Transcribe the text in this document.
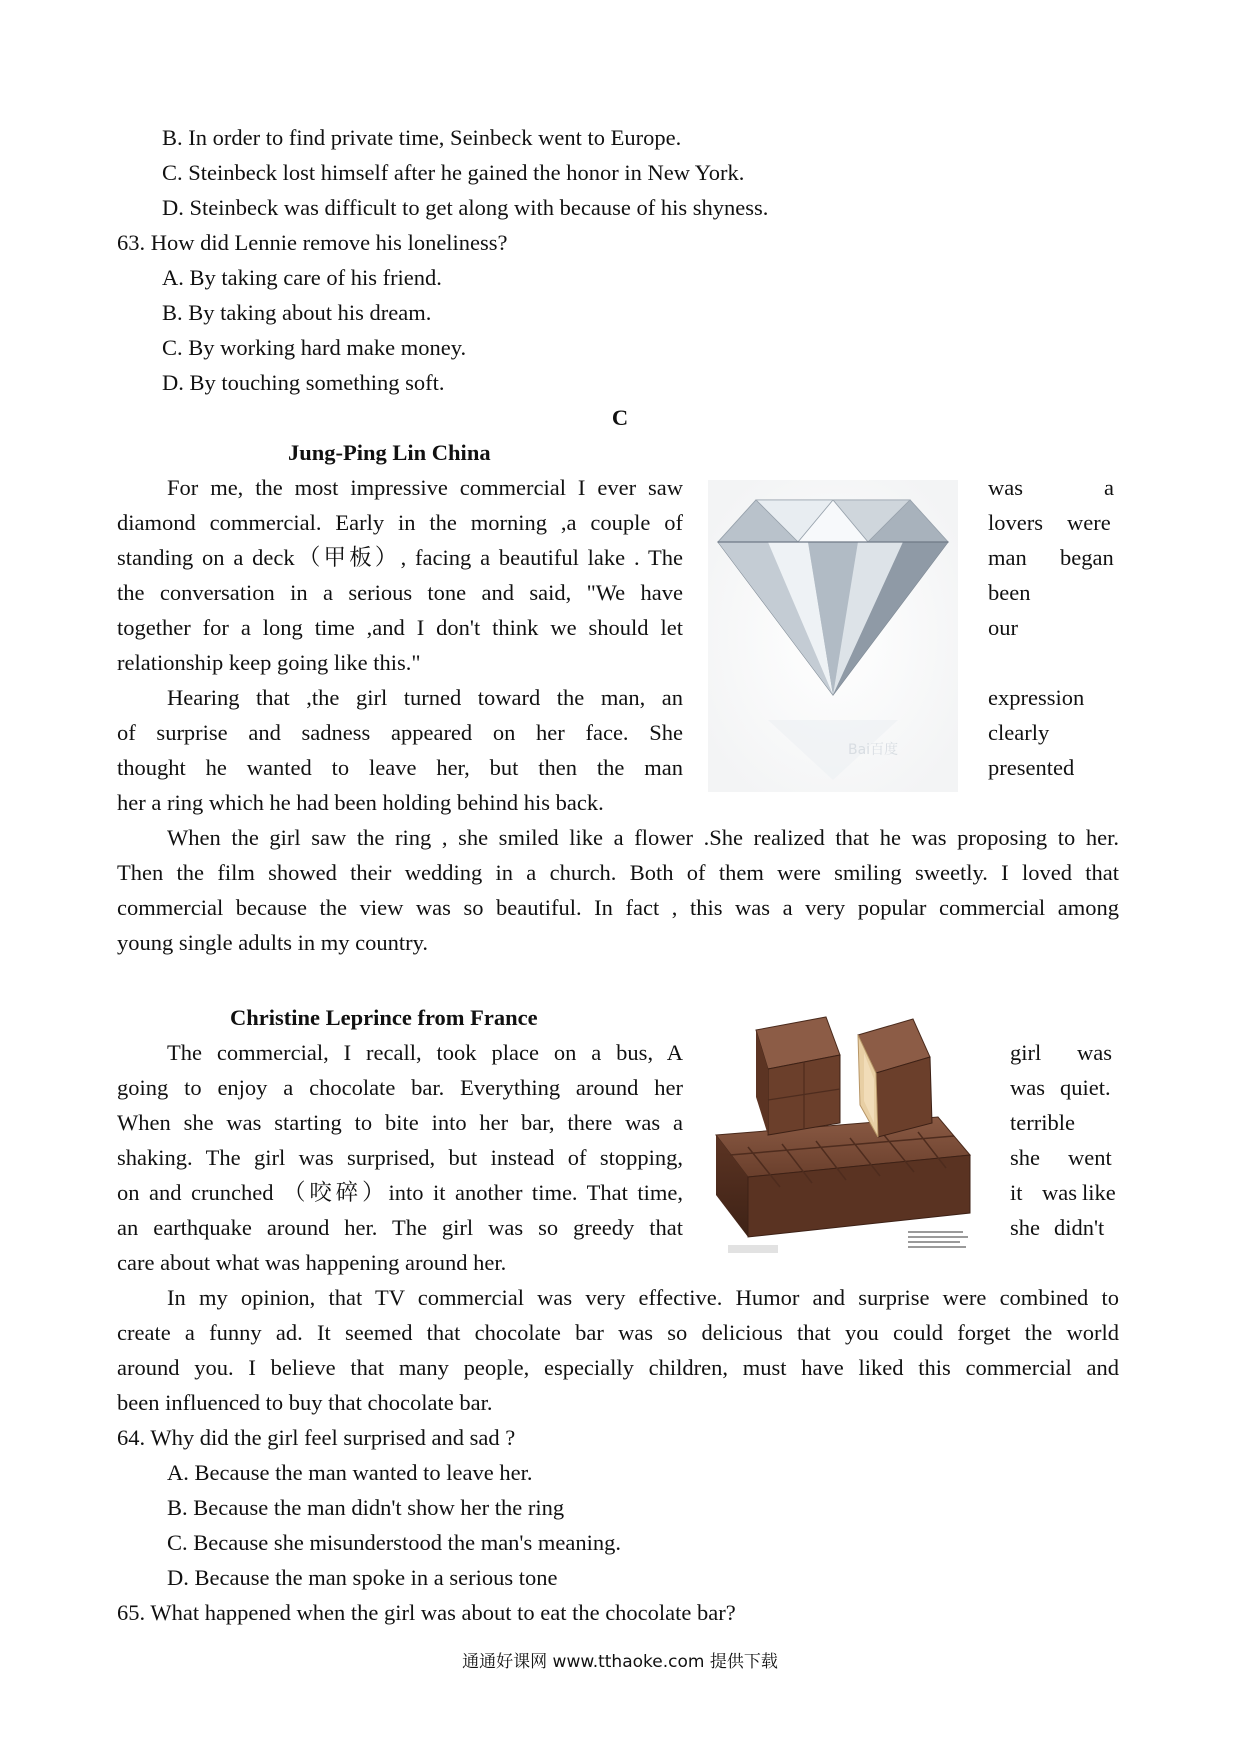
B. In order to find private time, Seinbeck went to Europe.
C. Steinbeck lost himself after he gained the honor in New York.
D. Steinbeck was difficult to get along with because of his shyness.
63. How did Lennie remove his loneliness?
A. By taking care of his friend.
B. By taking about his dream.
C. By working hard make money.
D. By touching something soft.
C
Jung-Ping Lin China
For me, the most impressive commercial I ever saw
diamond commercial. Early in the morning ,a couple of
standing on a deck（甲板）, facing a beautiful lake . The
the conversation in a serious tone and said, "We have
together for a long time ,and I don't think we should let
relationship keep going like this."
Hearing that ,the girl turned toward the man, an
of surprise and sadness appeared on her face. She
thought he wanted to leave her, but then the man
her a ring which he had been holding behind his back.
was	a
lovers were
man began
been
our
expression
clearly
presented
Bai百度
When the girl saw the ring , she smiled like a flower .She realized that he was proposing to her.
Then the film showed their wedding in a church. Both of them were smiling sweetly. I loved that
commercial because the view was so beautiful. In fact , this was a very popular commercial among
young single adults in my country.
Christine Leprince from France
The commercial, I recall, took place on a bus, A
going to enjoy a chocolate bar. Everything around her
When she was starting to bite into her bar, there was a
shaking. The girl was surprised, but instead of stopping,
on and crunched （咬碎）into it another time. That time,
an earthquake around her. The girl was so greedy that
care about what was happening around her.
girl was
was quiet.
terrible
she went
it was like
she didn't
In my opinion, that TV commercial was very effective. Humor and surprise were combined to
create a funny ad. It seemed that chocolate bar was so delicious that you could forget the world
around you. I believe that many people, especially children, must have liked this commercial and
been influenced to buy that chocolate bar.
64. Why did the girl feel surprised and sad ?
A. Because the man wanted to leave her.
B. Because the man didn't show her the ring
C. Because she misunderstood the man's meaning.
D. Because the man spoke in a serious tone
65. What happened when the girl was about to eat the chocolate bar?
通通好课网 www.tthaoke.com 提供下载
